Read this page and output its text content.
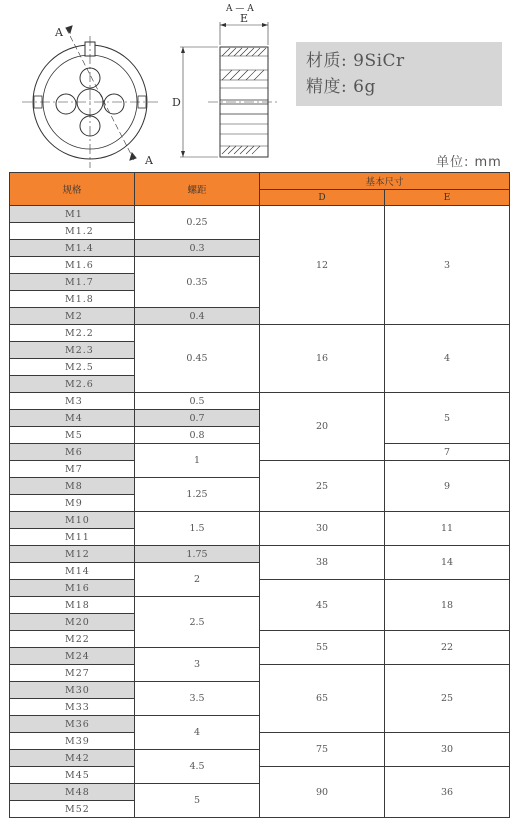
A
A
A — A
E
D
材质: 9SiCr
精度: 6g
单位: mm
规格	螺距	基本尺寸	
		D	E
M1	0.25	12	3
M1.2			
M1.4	0.3		
M1.6	0.35		
M1.7			
M1.8			
M2	0.4		
M2.2	0.45	16	4
M2.3			
M2.5			
M2.6			
M3	0.5	20	5
M4	0.7		
M5	0.8		
M6	1		7
M7		25	9
M8	1.25		
M9			
M10	1.5	30	11
M11			
M12	1.75	38	14
M14	2		
M16		45	18
M18	2.5		
M20			
M22		55	22
M24	3		
M27		65	25
M30	3.5		
M33			
M36	4		
M39		75	30
M42	4.5		
M45		90	36
M48	5		
M52			
